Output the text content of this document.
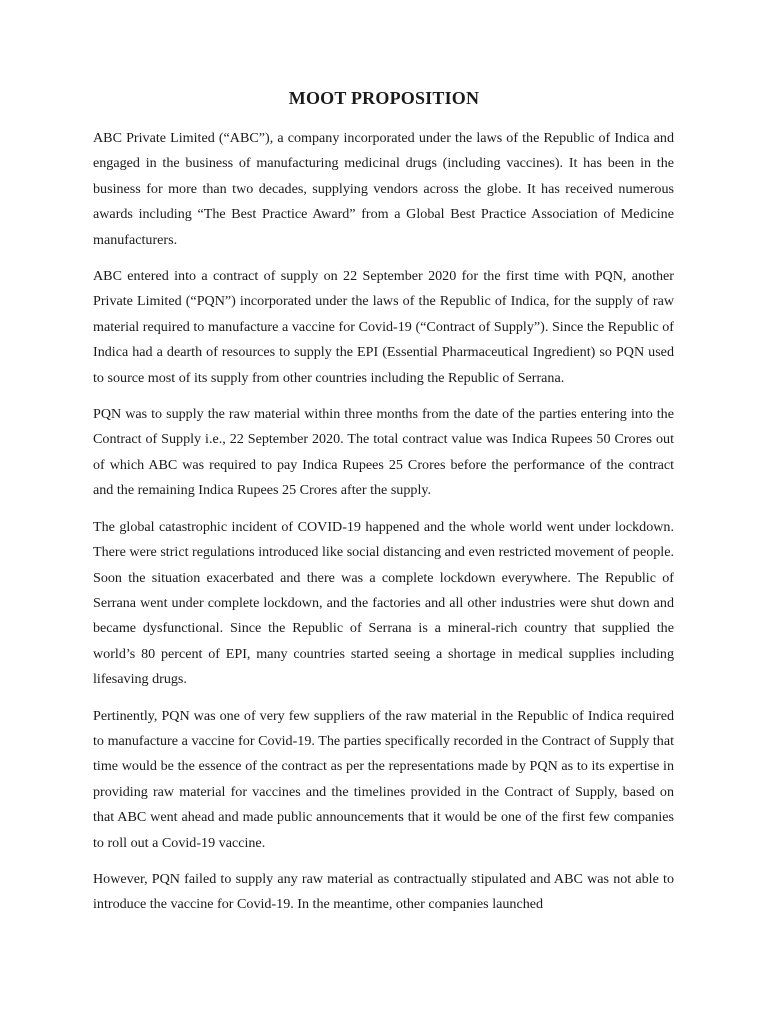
MOOT PROPOSITION

ABC Private Limited (“ABC”), a company incorporated under the laws of the Republic of Indica and engaged in the business of manufacturing medicinal drugs (including vaccines). It has been in the business for more than two decades, supplying vendors across the globe. It has received numerous awards including “The Best Practice Award” from a Global Best Practice Association of Medicine manufacturers.

ABC entered into a contract of supply on 22 September 2020 for the first time with PQN, another Private Limited (“PQN”) incorporated under the laws of the Republic of Indica, for the supply of raw material required to manufacture a vaccine for Covid-19 (“Contract of Supply”). Since the Republic of Indica had a dearth of resources to supply the EPI (Essential Pharmaceutical Ingredient) so PQN used to source most of its supply from other countries including the Republic of Serrana.

PQN was to supply the raw material within three months from the date of the parties entering into the Contract of Supply i.e., 22 September 2020. The total contract value was Indica Rupees 50 Crores out of which ABC was required to pay Indica Rupees 25 Crores before the performance of the contract and the remaining Indica Rupees 25 Crores after the supply.

The global catastrophic incident of COVID-19 happened and the whole world went under lockdown. There were strict regulations introduced like social distancing and even restricted movement of people. Soon the situation exacerbated and there was a complete lockdown everywhere. The Republic of Serrana went under complete lockdown, and the factories and all other industries were shut down and became dysfunctional. Since the Republic of Serrana is a mineral-rich country that supplied the world’s 80 percent of EPI, many countries started seeing a shortage in medical supplies including lifesaving drugs.

Pertinently, PQN was one of very few suppliers of the raw material in the Republic of Indica required to manufacture a vaccine for Covid-19. The parties specifically recorded in the Contract of Supply that time would be the essence of the contract as per the representations made by PQN as to its expertise in providing raw material for vaccines and the timelines provided in the Contract of Supply, based on that ABC went ahead and made public announcements that it would be one of the first few companies to roll out a Covid-19 vaccine.

However, PQN failed to supply any raw material as contractually stipulated and ABC was not able to introduce the vaccine for Covid-19. In the meantime, other companies launched
